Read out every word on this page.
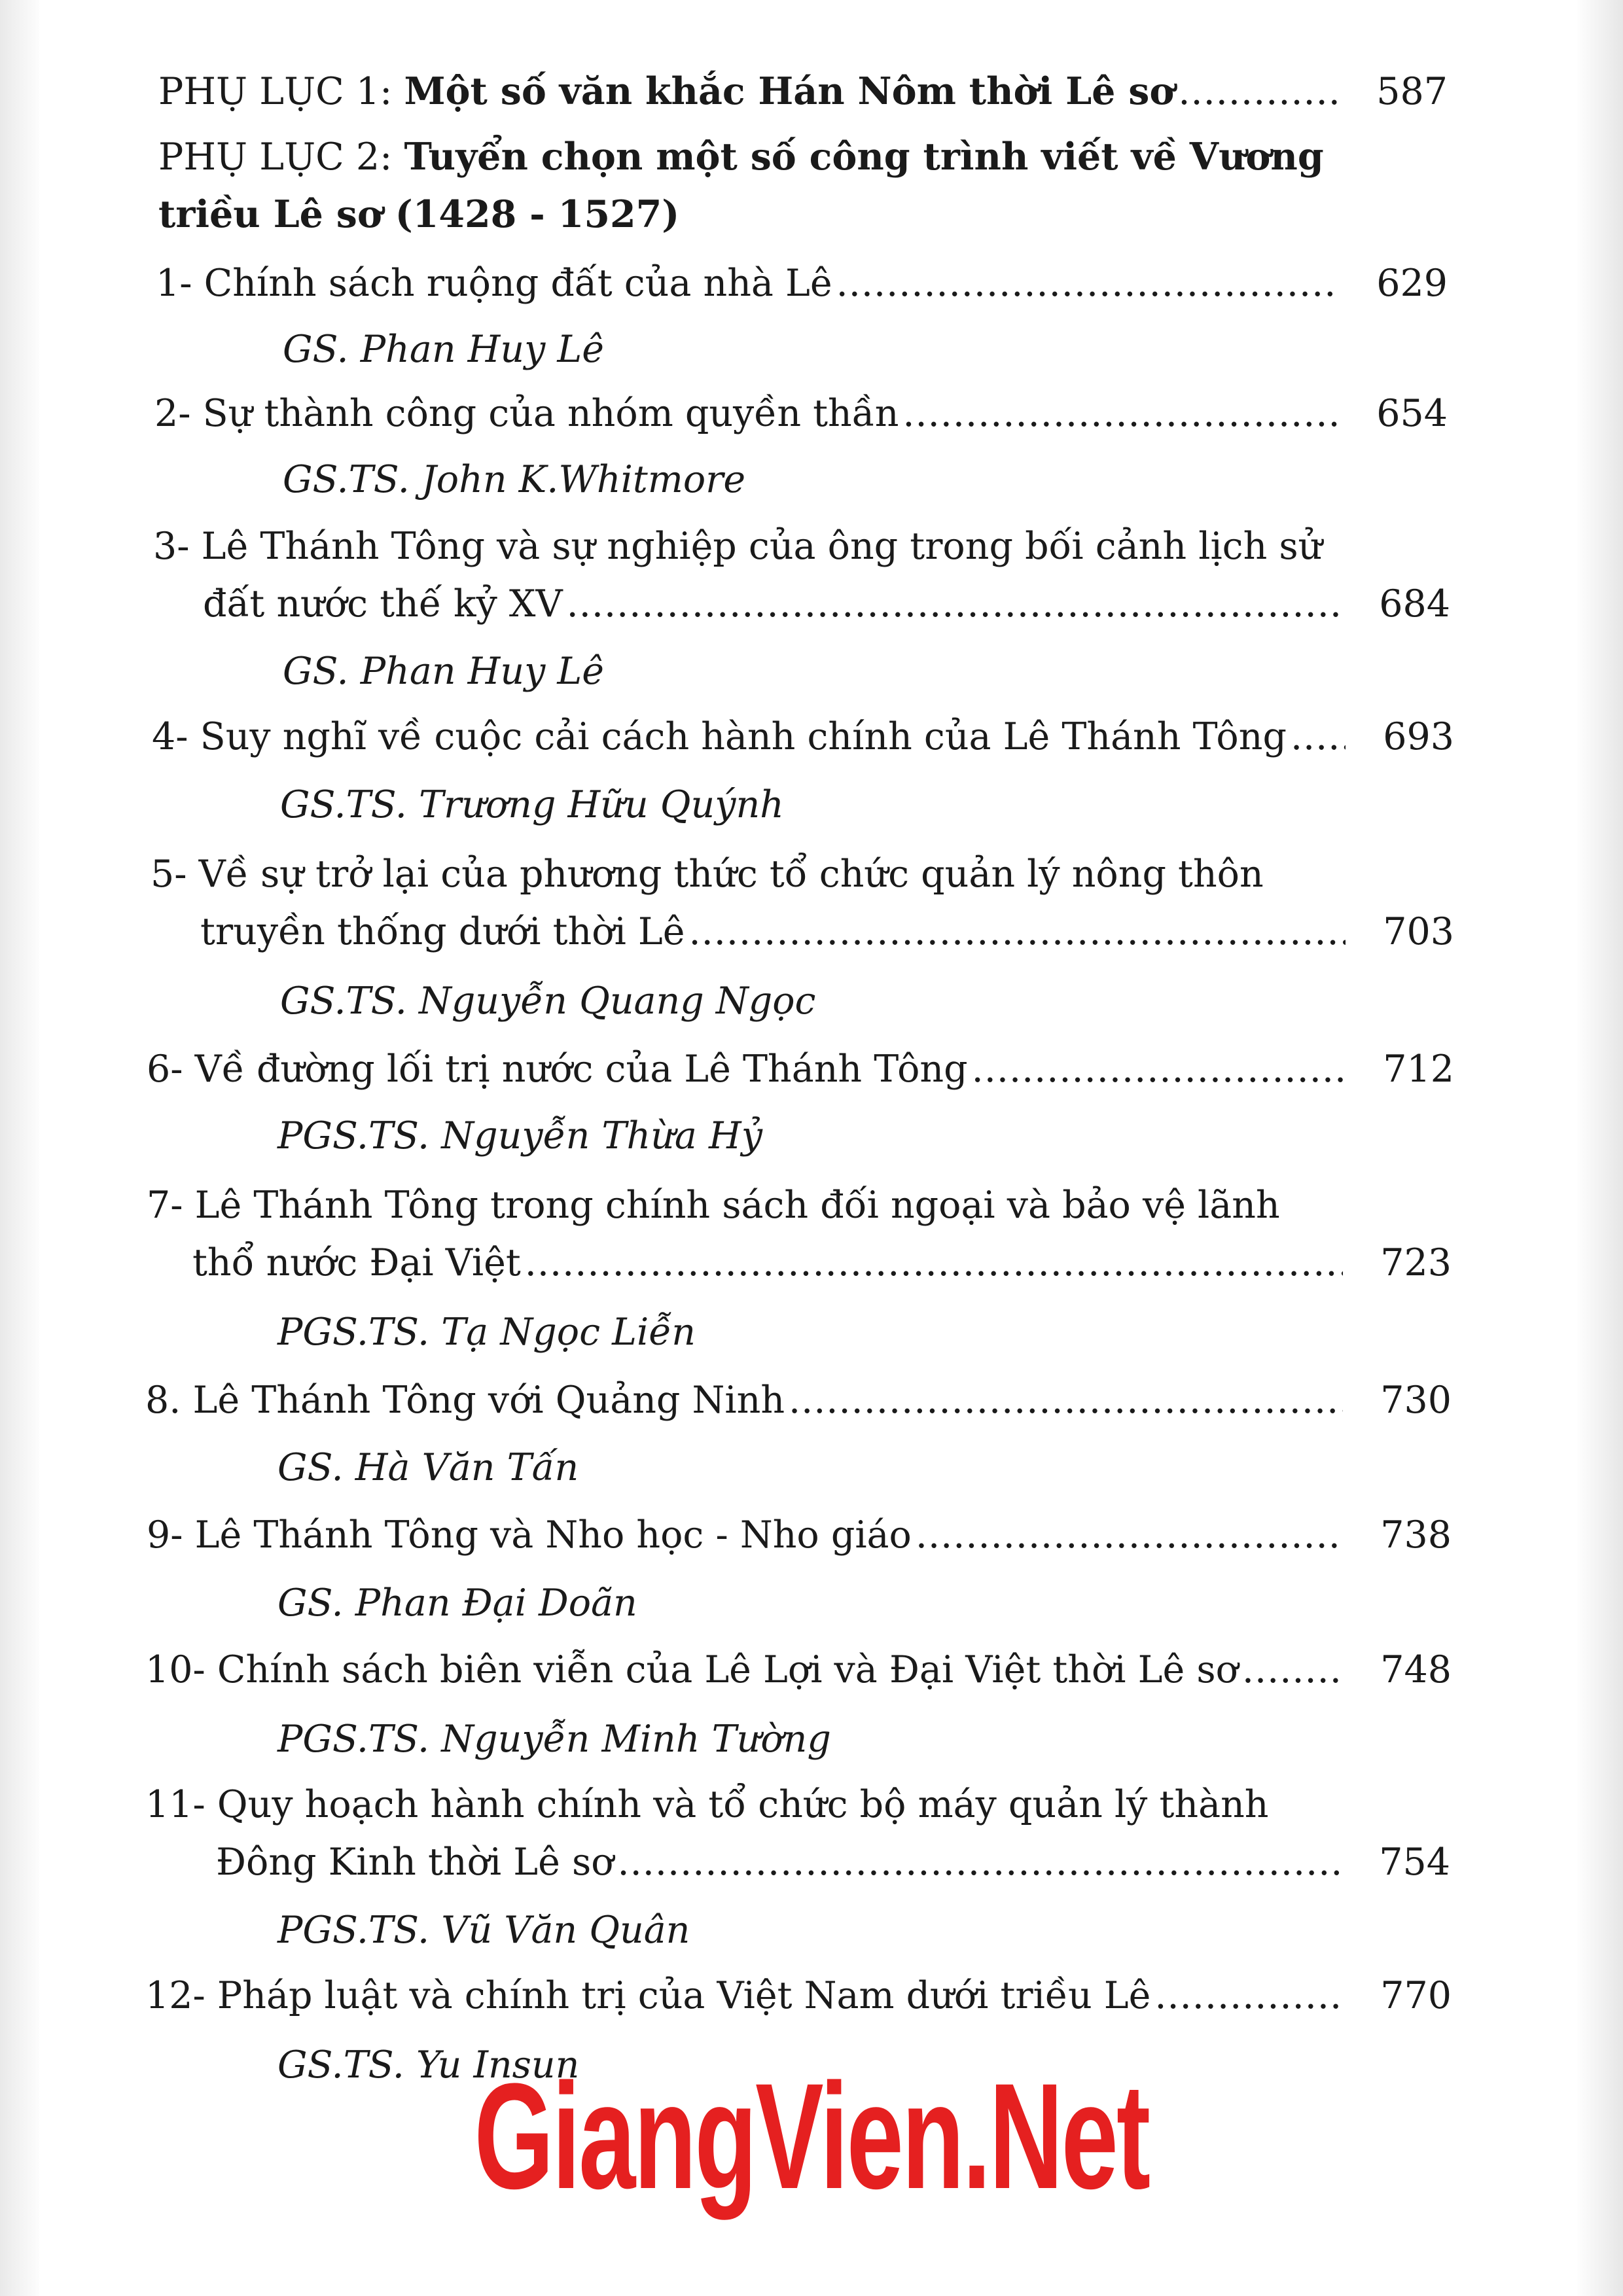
PHỤ LỤC 1: Một số văn khắc Hán Nôm thời Lê sơ .....	587
PHỤ LỤC 2: Tuyển chọn một số công trình viết về Vương
triều Lê sơ (1428 - 1527)
1- Chính sách ruộng đất của nhà Lê .....	629
GS. Phan Huy Lê
2- Sự thành công của nhóm quyền thần .....	654
GS.TS. John K.Whitmore
3- Lê Thánh Tông và sự nghiệp của ông trong bối cảnh lịch sử
đất nước thế kỷ XV .....	684
GS. Phan Huy Lê
4- Suy nghĩ về cuộc cải cách hành chính của Lê Thánh Tông .....	693
GS.TS. Trương Hữu Quýnh
5- Về sự trở lại của phương thức tổ chức quản lý nông thôn
truyền thống dưới thời Lê .....	703
GS.TS. Nguyễn Quang Ngọc
6- Về đường lối trị nước của Lê Thánh Tông .....	712
PGS.TS. Nguyễn Thừa Hỷ
7- Lê Thánh Tông trong chính sách đối ngoại và bảo vệ lãnh
thổ nước Đại Việt .....	723
PGS.TS. Tạ Ngọc Liễn
8. Lê Thánh Tông với Quảng Ninh .....	730
GS. Hà Văn Tấn
9- Lê Thánh Tông và Nho học - Nho giáo .....	738
GS. Phan Đại Doãn
10- Chính sách biên viễn của Lê Lợi và Đại Việt thời Lê sơ .....	748
PGS.TS. Nguyễn Minh Tường
11- Quy hoạch hành chính và tổ chức bộ máy quản lý thành
Đông Kinh thời Lê sơ .....	754
PGS.TS. Vũ Văn Quân
12- Pháp luật và chính trị của Việt Nam dưới triều Lê .....	770
GS.TS. Yu Insun
GiangVien.Net
